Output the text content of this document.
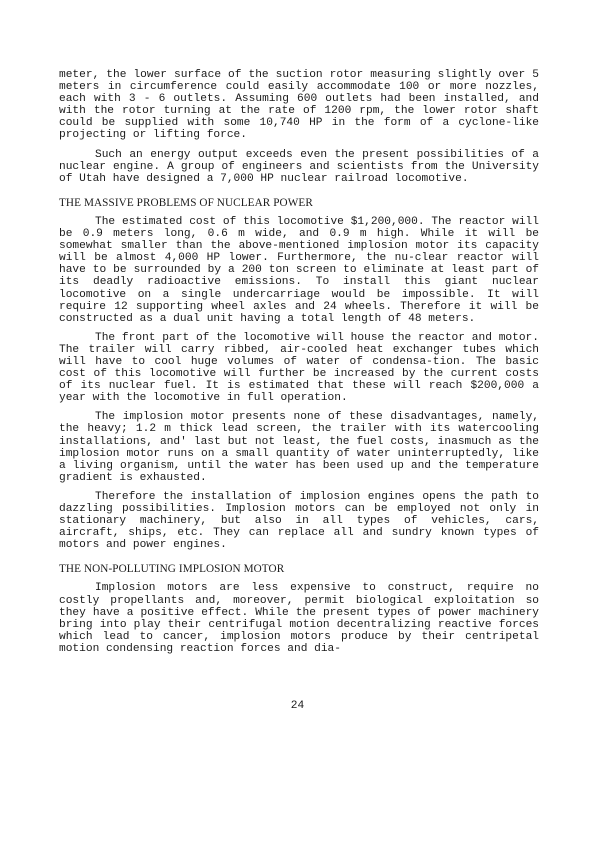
meter, the lower surface of the suction rotor measuring slightly over 5 meters in circumference could easily accommodate 100 or more nozzles, each with 3 - 6 outlets. Assuming 600 outlets had been installed, and with the rotor turning at the rate of 1200 rpm, the lower rotor shaft could be supplied with some 10,740 HP in the form of a cyclone-like projecting or lifting force.

Such an energy output exceeds even the present possibilities of a nuclear engine. A group of engineers and scientists from the University of Utah have designed a 7,000 HP nuclear railroad locomotive.

THE MASSIVE PROBLEMS OF NUCLEAR POWER

The estimated cost of this locomotive $1,200,000. The reactor will be 0.9 meters long, 0.6 m wide, and 0.9 m high. While it will be somewhat smaller than the above-mentioned implosion motor its capacity will be almost 4,000 HP lower. Furthermore, the nu-clear reactor will have to be surrounded by a 200 ton screen to eliminate at least part of its deadly radioactive emissions. To install this giant nuclear locomotive on a single undercarriage would be impossible. It will require 12 supporting wheel axles and 24 wheels. Therefore it will be constructed as a dual unit having a total length of 48 meters.

The front part of the locomotive will house the reactor and motor. The trailer will carry ribbed, air-cooled heat exchanger tubes which will have to cool huge volumes of water of condensa-tion. The basic cost of this locomotive will further be increased by the current costs of its nuclear fuel. It is estimated that these will reach $200,000 a year with the locomotive in full operation.

The implosion motor presents none of these disadvantages, namely, the heavy; 1.2 m thick lead screen, the trailer with its watercooling installations, and' last but not least, the fuel costs, inasmuch as the implosion motor runs on a small quantity of water uninterruptedly, like a living organism, until the water has been used up and the temperature gradient is exhausted.

Therefore the installation of implosion engines opens the path to dazzling possibilities. Implosion motors can be employed not only in stationary machinery, but also in all types of vehicles, cars, aircraft, ships, etc. They can replace all and sundry known types of motors and power engines.

THE NON-POLLUTING IMPLOSION MOTOR

Implosion motors are less expensive to construct, require no costly propellants and, moreover, permit biological exploitation so they have a positive effect. While the present types of power machinery bring into play their centrifugal motion decentralizing reactive forces which lead to cancer, implosion motors produce by their centripetal motion condensing reaction forces and dia-

24
